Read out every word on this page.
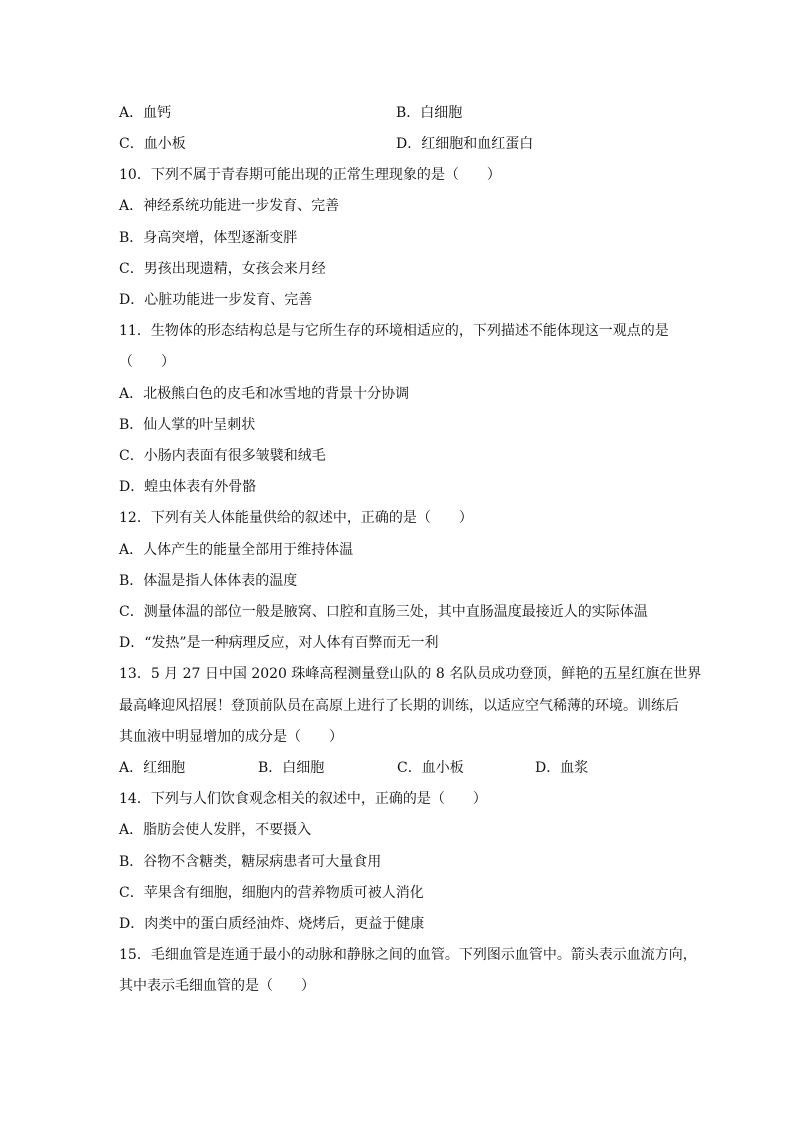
A．血钙	B．白细胞
C．血小板	D．红细胞和血红蛋白
10．下列不属于青春期可能出现的正常生理现象的是（　　）
A．神经系统功能进一步发育、完善
B．身高突增，体型逐渐变胖
C．男孩出现遗精，女孩会来月经
D．心脏功能进一步发育、完善
11．生物体的形态结构总是与它所生存的环境相适应的，下列描述不能体现这一观点的是
（　　）
A．北极熊白色的皮毛和冰雪地的背景十分协调
B．仙人掌的叶呈刺状
C．小肠内表面有很多皱襞和绒毛
D．蝗虫体表有外骨骼
12．下列有关人体能量供给的叙述中，正确的是（　　）
A．人体产生的能量全部用于维持体温
B．体温是指人体体表的温度
C．测量体温的部位一般是腋窝、口腔和直肠三处，其中直肠温度最接近人的实际体温
D．“发热”是一种病理反应，对人体有百弊而无一利
13．5 月 27 日中国 2020 珠峰高程测量登山队的 8 名队员成功登顶，鲜艳的五星红旗在世界
最高峰迎风招展！登顶前队员在高原上进行了长期的训练，以适应空气稀薄的环境。训练后
其血液中明显增加的成分是（　　）
A．红细胞	B．白细胞	C．血小板	D．血浆
14．下列与人们饮食观念相关的叙述中，正确的是（　　）
A．脂肪会使人发胖，不要摄入
B．谷物不含糖类，糖尿病患者可大量食用
C．苹果含有细胞，细胞内的营养物质可被人消化
D．肉类中的蛋白质经油炸、烧烤后，更益于健康
15．毛细血管是连通于最小的动脉和静脉之间的血管。下列图示血管中。箭头表示血流方向，
其中表示毛细血管的是（　　）
